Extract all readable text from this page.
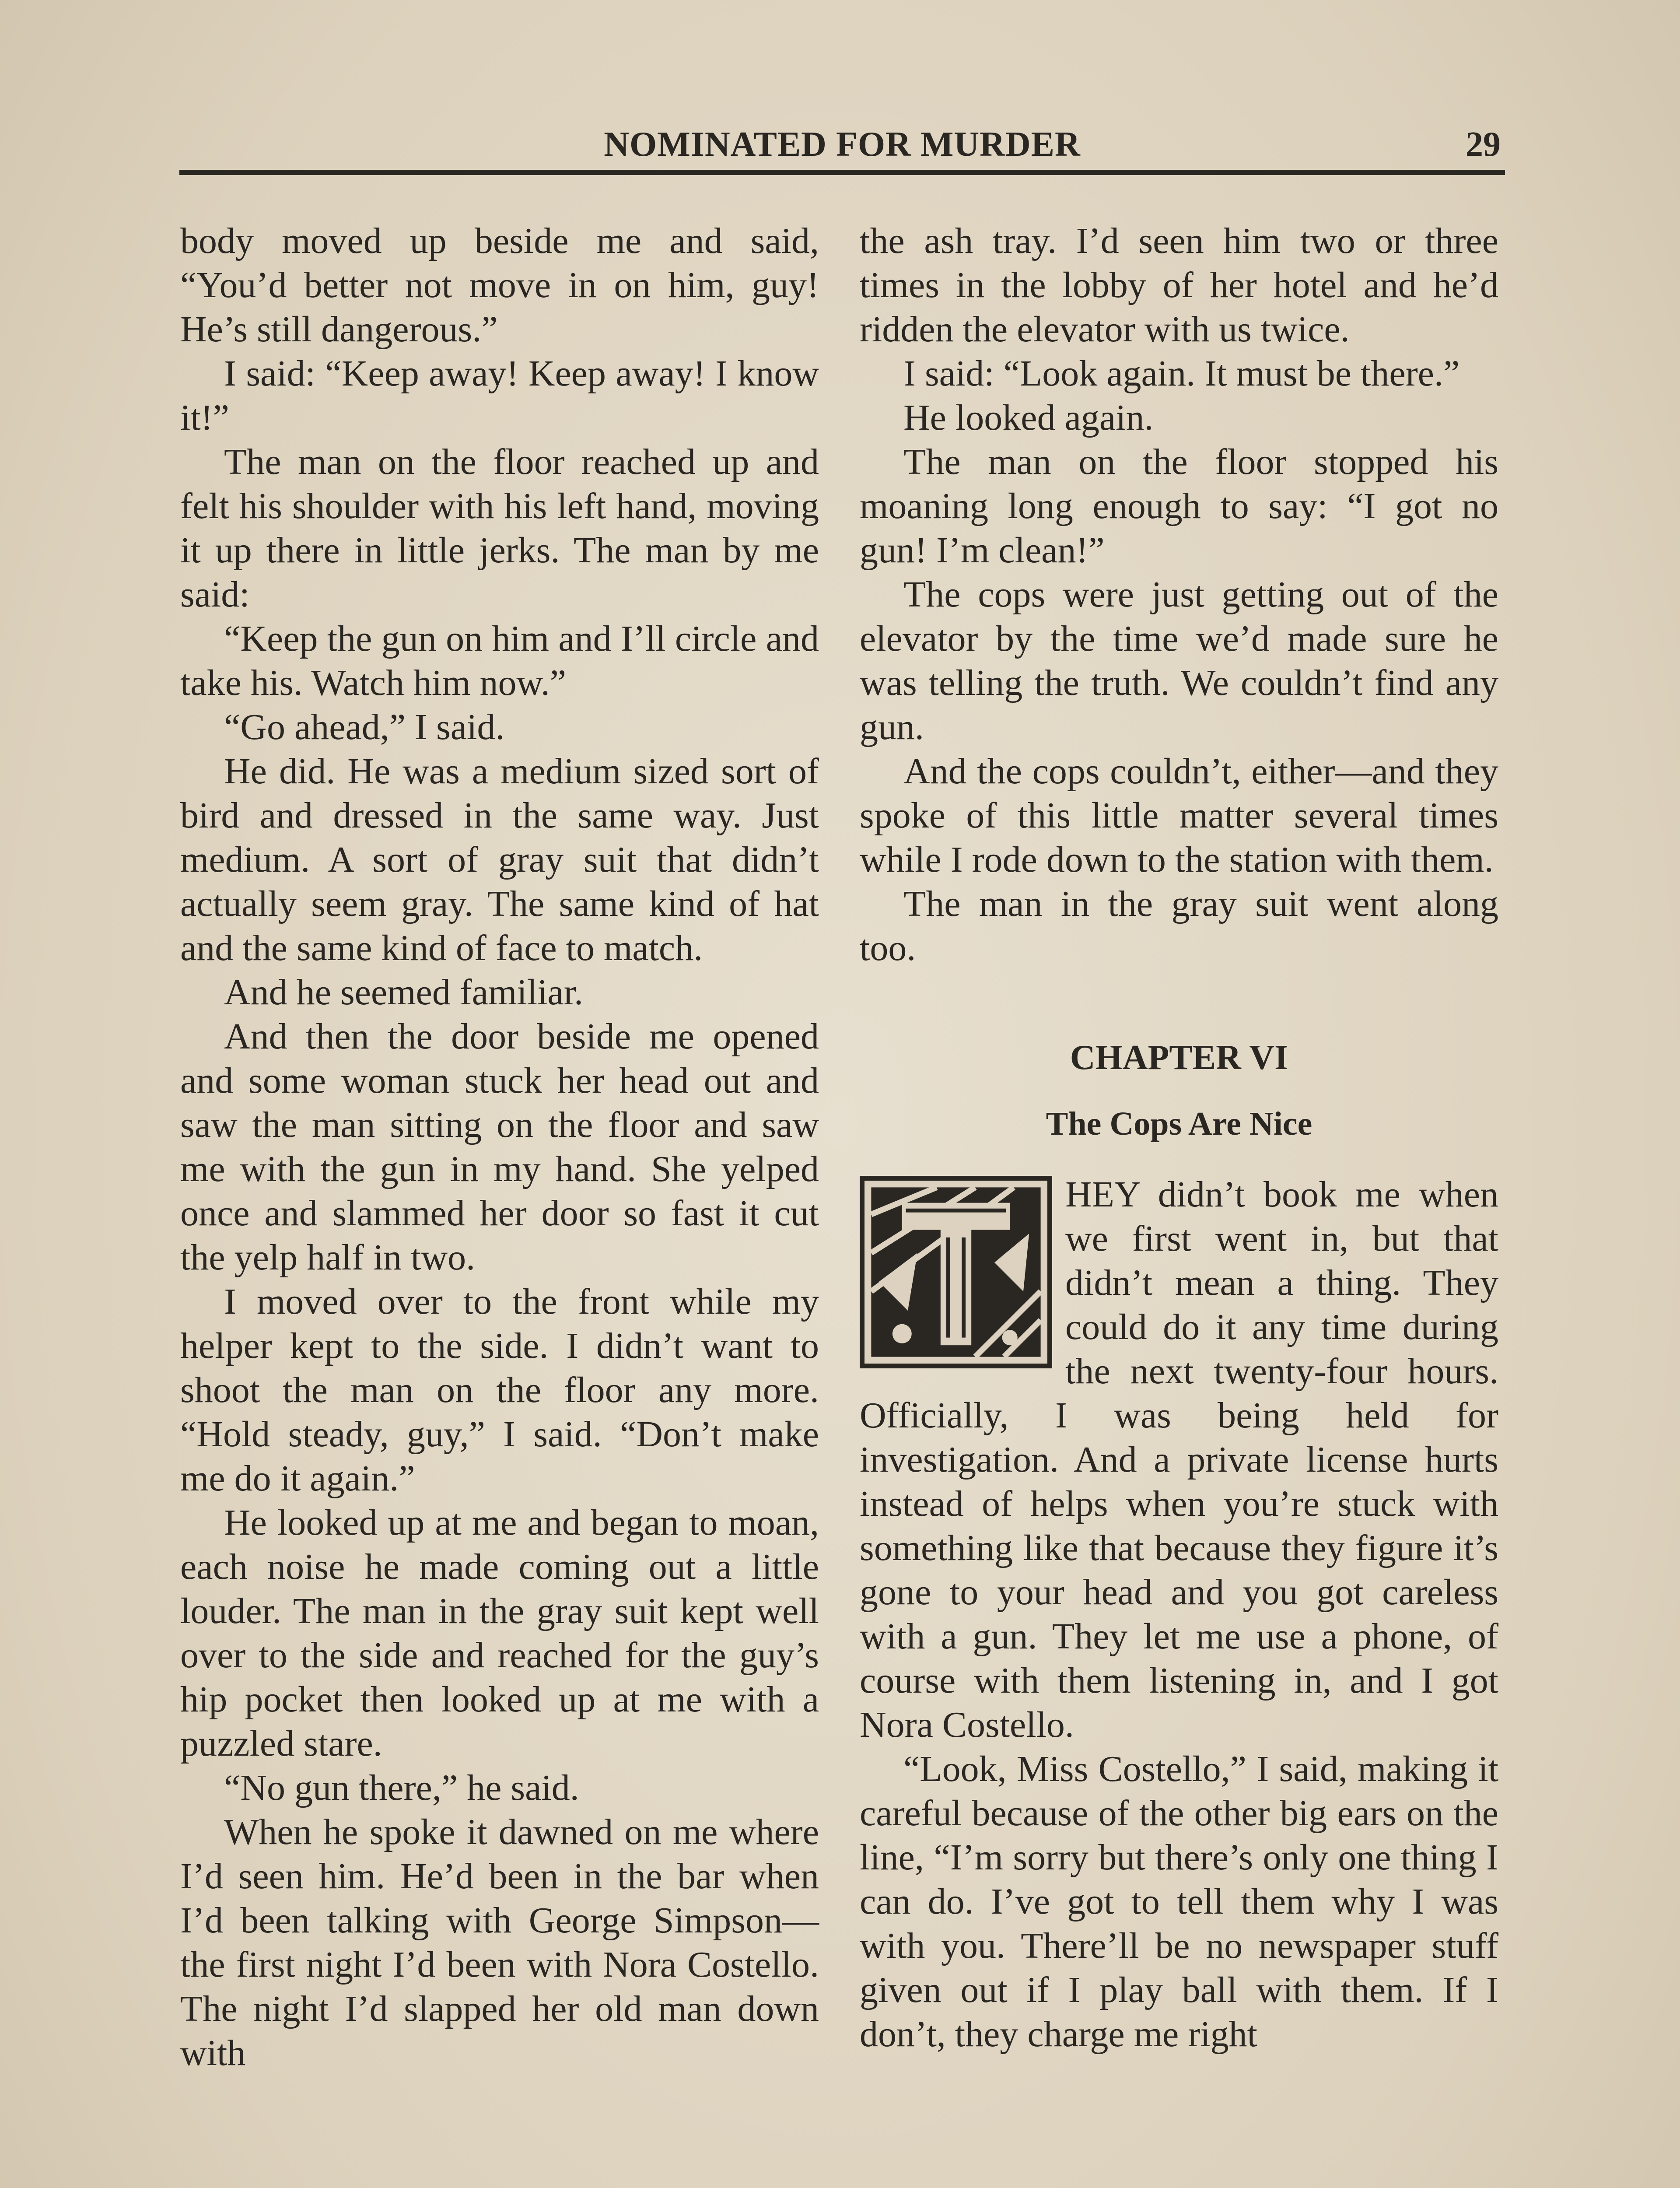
NOMINATED FOR MURDER	29

body moved up beside me and said, “You’d better not move in on him, guy! He’s still dangerous.”

I said: “Keep away! Keep away! I know it!”

The man on the floor reached up and felt his shoulder with his left hand, moving it up there in little jerks. The man by me said:

“Keep the gun on him and I’ll circle and take his. Watch him now.”

“Go ahead,” I said.

He did. He was a medium sized sort of bird and dressed in the same way. Just medium. A sort of gray suit that didn’t actually seem gray. The same kind of hat and the same kind of face to match.

And he seemed familiar.

And then the door beside me opened and some woman stuck her head out and saw the man sitting on the floor and saw me with the gun in my hand. She yelped once and slammed her door so fast it cut the yelp half in two.

I moved over to the front while my helper kept to the side. I didn’t want to shoot the man on the floor any more. “Hold steady, guy,” I said. “Don’t make me do it again.”

He looked up at me and began to moan, each noise he made coming out a little louder. The man in the gray suit kept well over to the side and reached for the guy’s hip pocket then looked up at me with a puzzled stare.

“No gun there,” he said.

When he spoke it dawned on me where I’d seen him. He’d been in the bar when I’d been talking with George Simpson—the first night I’d been with Nora Costello. The night I’d slapped her old man down with

the ash tray. I’d seen him two or three times in the lobby of her hotel and he’d ridden the elevator with us twice.

I said: “Look again. It must be there.”

He looked again.

The man on the floor stopped his moaning long enough to say: “I got no gun! I’m clean!”

The cops were just getting out of the elevator by the time we’d made sure he was telling the truth. We couldn’t find any gun.

And the cops couldn’t, either—and they spoke of this little matter several times while I rode down to the station with them.

The man in the gray suit went along too.

CHAPTER VI
The Cops Are Nice

HEY didn’t book me when we first went in, but that didn’t mean a thing. They could do it any time during the next twenty-four hours. Officially, I was being held for investigation. And a private license hurts instead of helps when you’re stuck with something like that because they figure it’s gone to your head and you got careless with a gun. They let me use a phone, of course with them listening in, and I got Nora Costello.

“Look, Miss Costello,” I said, making it careful because of the other big ears on the line, “I’m sorry but there’s only one thing I can do. I’ve got to tell them why I was with you. There’ll be no newspaper stuff given out if I play ball with them. If I don’t, they charge me right
